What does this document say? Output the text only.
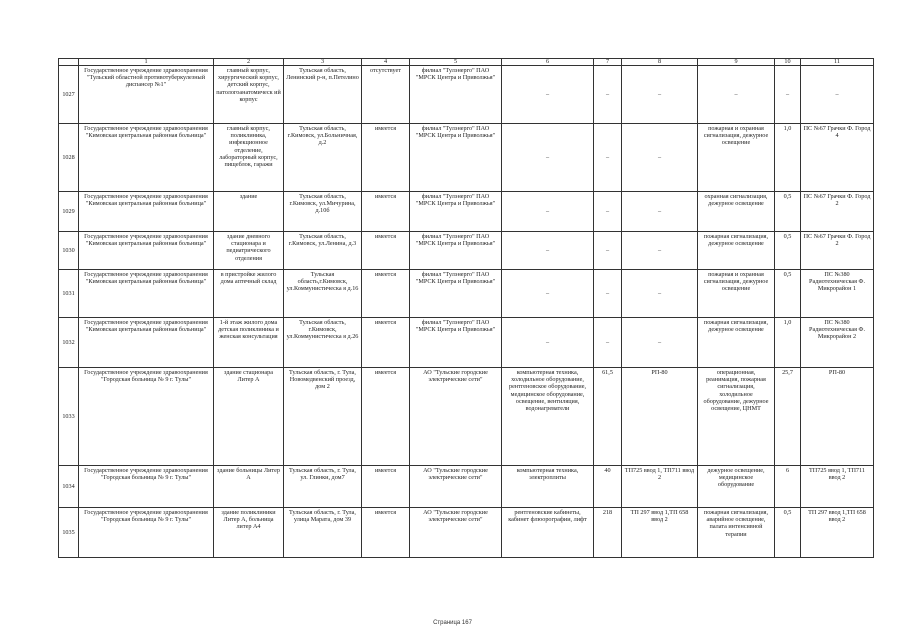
	1	2	3	4	5	6	7	8	9	10	11
1027	Государственное учреждение здравоохранения "Тульский областной противотуберкулезный диспансер №1"	главный корпус, хирургический корпус, детский корпус, патологоанатомическ ий корпус	Тульская область, Ленинский р-н, п.Петелино	отсутствует	филиал "Тулэнерго" ПАО "МРСК Центра и Приволжья"	–	–	–	–	–	–
1028	Государственное учреждение здравоохранения "Кимовская центральная районная больница"	главный корпус, поликлиника, инфекционное отделение, лабораторный корпус, пищеблок, гаражи	Тульская область, г.Кимовск, ул.Больничная, д.2	имеется	филиал "Тулэнерго" ПАО "МРСК Центра и Приволжья"	–	–	–	пожарная и охранная сигнализация, дежурное освещение	1,0	ПС №67 Грачки Ф. Город 4
1029	Государственное учреждение здравоохранения "Кимовская центральная районная больница"	здание	Тульская область, г.Кимовск, ул.Мичурина, д.10б	имеется	филиал "Тулэнерго" ПАО "МРСК Центра и Приволжья"	–	–	–	охранная сигнализация, дежурное освещение	0,5	ПС №67 Грачки Ф. Город 2
1030	Государственное учреждение здравоохранения "Кимовская центральная районная больница"	здание дневного стационара и педиатрического отделения	Тульская область, г.Кимовск, ул.Ленина, д.3	имеется	филиал "Тулэнерго" ПАО "МРСК Центра и Приволжья"	–	–	–	пожарная сигнализация, дежурное освещение	0,5	ПС №67 Грачки Ф. Город 2
1031	Государственное учреждение здравоохранения "Кимовская центральная районная больница"	в пристройке жилого дома аптечный склад	Тульская область,г.Кимовск, ул.Коммунистическа я д.16	имеется	филиал "Тулэнерго" ПАО "МРСК Центра и Приволжья"	–	–	–	пожарная и охранная сигнализация, дежурное освещение	0,5	ПС №380 Радиотехническая Ф. Микрорайон 1
1032	Государственное учреждение здравоохранения "Кимовская центральная районная больница"	1-й этаж жилого дома детская поликлиника и женская консультация	Тульская область, г.Кимовск, ул.Коммунистическа я д.26	имеется	филиал "Тулэнерго" ПАО "МРСК Центра и Приволжья"	–	–	–	пожарная сигнализация, дежурное освещение	1,0	ПС №380 Радиотехническая Ф. Микрорайон 2
1033	Государственное учреждение здравоохранения "Городская больница № 9 г. Тулы"	здание стационара Литер А	Тульская область, г. Тула, Новомедвенский проезд, дом 2	имеется	АО "Тульские городские электрические сети"	компьютерная техника, холодильное оборудование, рентгеновское оборудование, медицинское оборудование, освещение, вентиляция, водонагреватели	61,5	РП-80	операционная, реанимация, пожарная сигнализация, холодильное оборудование, дежурное освещение, ЦНМТ	25,7	РП-80
1034	Государственное учреждение здравоохранения "Городская больница № 9 г. Тулы"	здание больницы Литер А	Тульская область, г. Тула, ул. Глинки, дом7	имеется	АО "Тульские городские электрические сети"	компьютерная техника, электроплиты	40	ТП725 ввод 1, ТП711 ввод 2	дежурное освещение, медицинское оборудование	6	ТП725 ввод 1, ТП711 ввод 2
1035	Государственное учреждение здравоохранения "Городская больница № 9 г. Тулы"	здание поликлиники Литер А, больница литер А4	Тульская область, г. Тула, улица Марата, дом 39	имеется	АО "Тульские городские электрические сети"	рентгеновские кабинеты, кабинет флюорографии, лифт	218	ТП 297 ввод 1,ТП 658 ввод 2	пожарная сигнализация, аварийное освещение, палата интенсивной терапии	0,5	ТП 297 ввод 1,ТП 658 ввод 2
Страница 167
